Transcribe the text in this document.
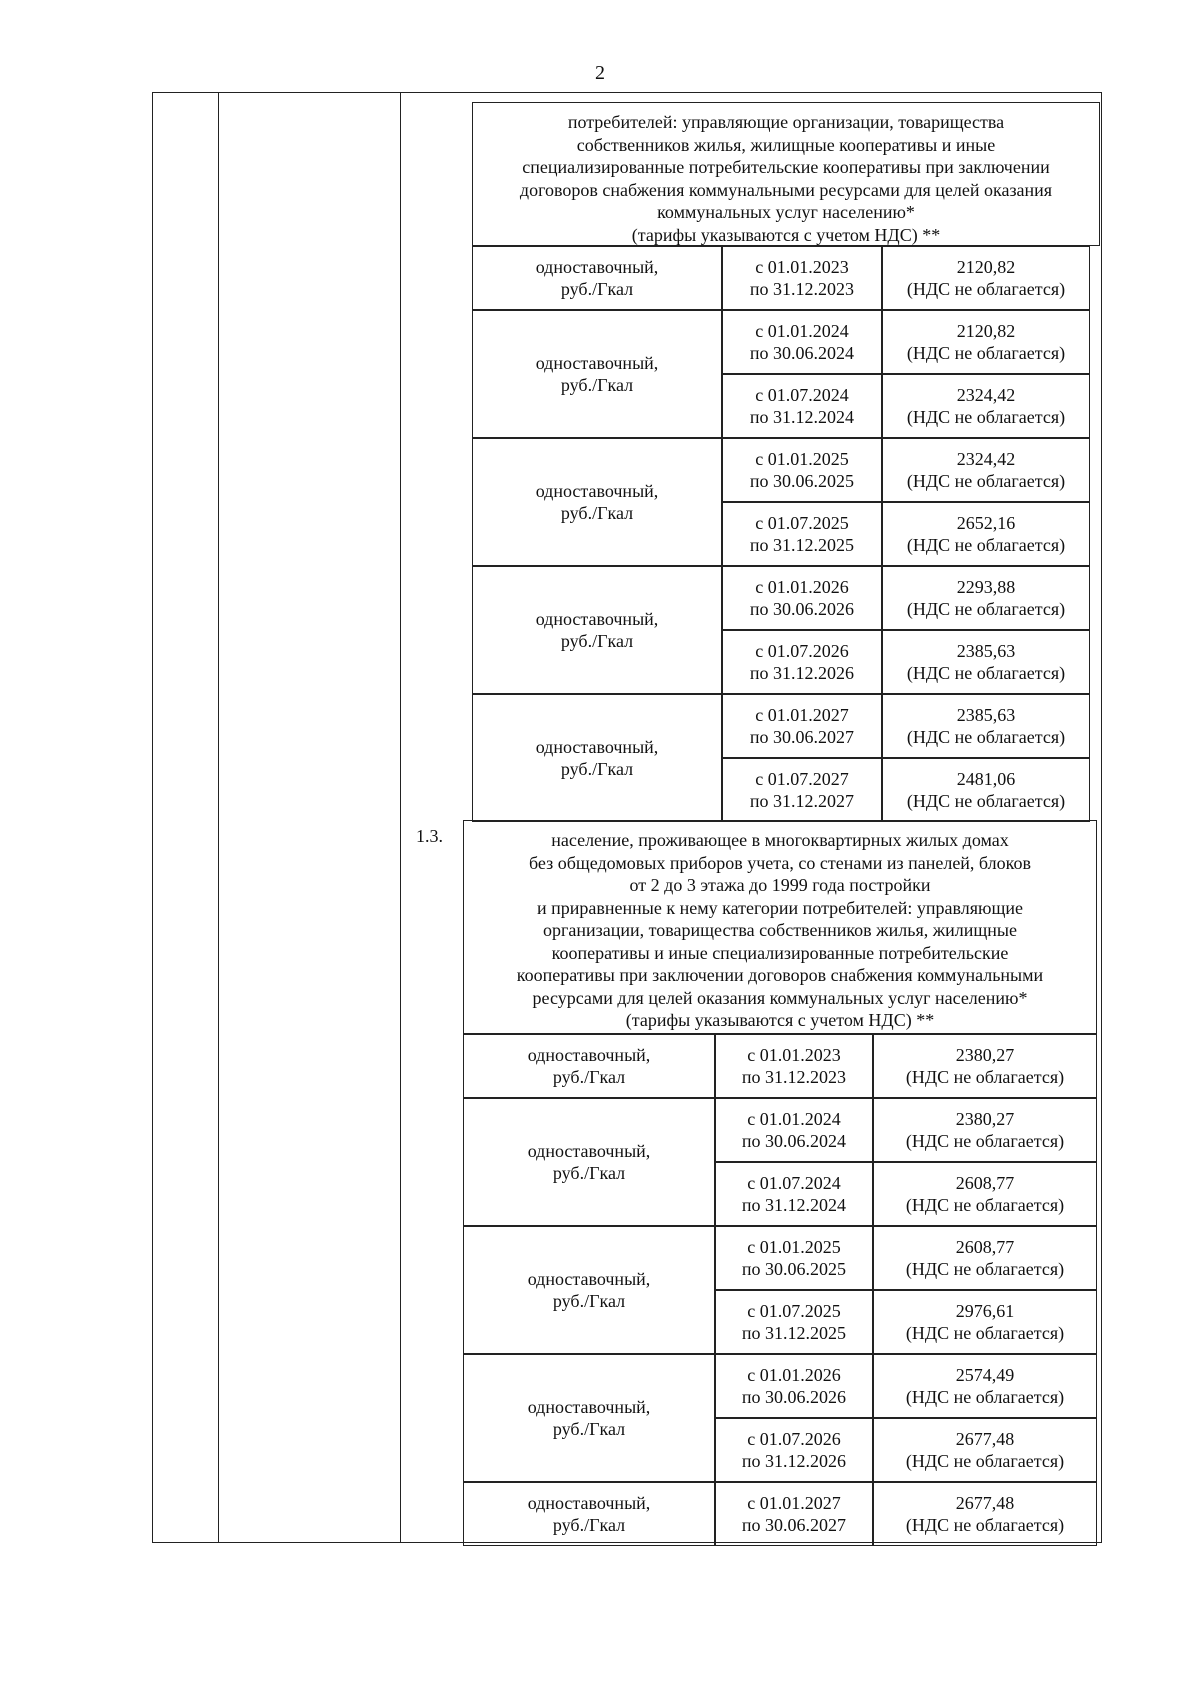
2
1.3.
потребителей: управляющие организации, товарищества
собственников жилья, жилищные кооперативы и иные
специализированные потребительские кооперативы при заключении
договоров снабжения коммунальными ресурсами для целей оказания
коммунальных услуг населению*
(тарифы указываются с учетом НДС) **
население, проживающее в многоквартирных жилых домах
без общедомовых приборов учета, со стенами из панелей, блоков
от 2 до 3 этажа до 1999 года постройки
и приравненные к нему категории потребителей: управляющие
организации, товарищества собственников жилья, жилищные
кооперативы и иные специализированные потребительские
кооперативы при заключении договоров снабжения коммунальными
ресурсами для целей оказания коммунальных услуг населению*
(тарифы указываются с учетом НДС) **
одноставочный,
руб./Гкал
с 01.01.2023
по 31.12.2023
2120,82
(НДС не облагается)
одноставочный,
руб./Гкал
с 01.01.2024
по 30.06.2024
2120,82
(НДС не облагается)
с 01.07.2024
по 31.12.2024
2324,42
(НДС не облагается)
одноставочный,
руб./Гкал
с 01.01.2025
по 30.06.2025
2324,42
(НДС не облагается)
с 01.07.2025
по 31.12.2025
2652,16
(НДС не облагается)
одноставочный,
руб./Гкал
с 01.01.2026
по 30.06.2026
2293,88
(НДС не облагается)
с 01.07.2026
по 31.12.2026
2385,63
(НДС не облагается)
одноставочный,
руб./Гкал
с 01.01.2027
по 30.06.2027
2385,63
(НДС не облагается)
с 01.07.2027
по 31.12.2027
2481,06
(НДС не облагается)
одноставочный,
руб./Гкал
с 01.01.2023
по 31.12.2023
2380,27
(НДС не облагается)
одноставочный,
руб./Гкал
с 01.01.2024
по 30.06.2024
2380,27
(НДС не облагается)
с 01.07.2024
по 31.12.2024
2608,77
(НДС не облагается)
одноставочный,
руб./Гкал
с 01.01.2025
по 30.06.2025
2608,77
(НДС не облагается)
с 01.07.2025
по 31.12.2025
2976,61
(НДС не облагается)
одноставочный,
руб./Гкал
с 01.01.2026
по 30.06.2026
2574,49
(НДС не облагается)
с 01.07.2026
по 31.12.2026
2677,48
(НДС не облагается)
одноставочный,
руб./Гкал
с 01.01.2027
по 30.06.2027
2677,48
(НДС не облагается)
